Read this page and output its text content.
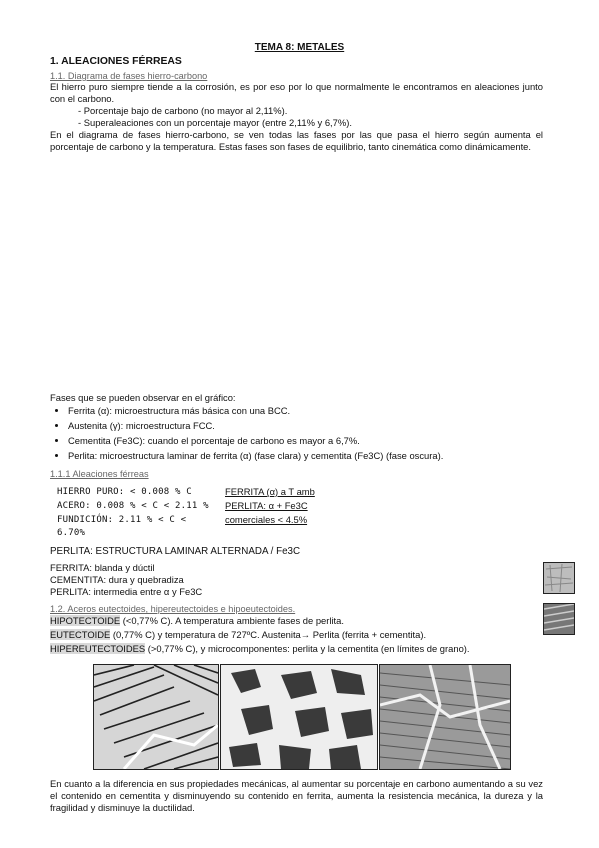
TEMA 8: METALES
1. ALEACIONES FÉRREAS
1.1. Diagrama de fases hierro-carbono
El hierro puro siempre tiende a la corrosión, es por eso por lo que normalmente le encontramos en aleaciones junto con el carbono.
- Porcentaje bajo de carbono (no mayor al 2,11%).
- Superaleaciones con un porcentaje mayor (entre 2,11% y 6,7%).
En el diagrama de fases hierro-carbono, se ven todas las fases por las que pasa el hierro según aumenta el porcentaje de carbono y la temperatura. Estas fases son fases de equilibrio, tanto cinemática como dinámicamente.
Fases que se pueden observar en el gráfico:
• Ferrita (α): microestructura más básica con una BCC.
• Austenita (γ): microestructura FCC.
• Cementita (Fe3C): cuando el porcentaje de carbono es mayor a 6,7%.
• Perlita: microestructura laminar de ferrita (α) (fase clara) y cementita (Fe3C) (fase oscura).
1.1.1 Aleaciones férreas
HIERRO PURO: < 0.008 % C
ACERO: 0.008 % < C < 2.11 %
FUNDICIÓN: 2.11 % < C <
6.70%
FERRITA (α) a T amb
PERLITA: α + Fe3C
comerciales < 4.5%
PERLITA: ESTRUCTURA LAMINAR ALTERNADA / Fe3C
FERRITA: blanda y dúctil
CEMENTITA: dura y quebradiza
PERLITA: intermedia entre α y Fe3C
1.2. Aceros eutectoides, hipereutectoides e hipoeutectoides.
HIPOTECTOIDE (<0,77% C). A temperatura ambiente fases de perlita.
EUTECTOIDE (0,77% C) y temperatura de 727ºC. Austenita→ Perlita (ferrita + cementita).
HIPEREUTECTOIDES (>0,77% C), y microcomponentes: perlita y la cementita (en límites de grano).
En cuanto a la diferencia en sus propiedades mecánicas, al aumentar su porcentaje en carbono aumentando a su vez el contenido en cementita y disminuyendo su contenido en ferrita, aumenta la resistencia mecánica, la dureza y la fragilidad y disminuye la ductilidad.
